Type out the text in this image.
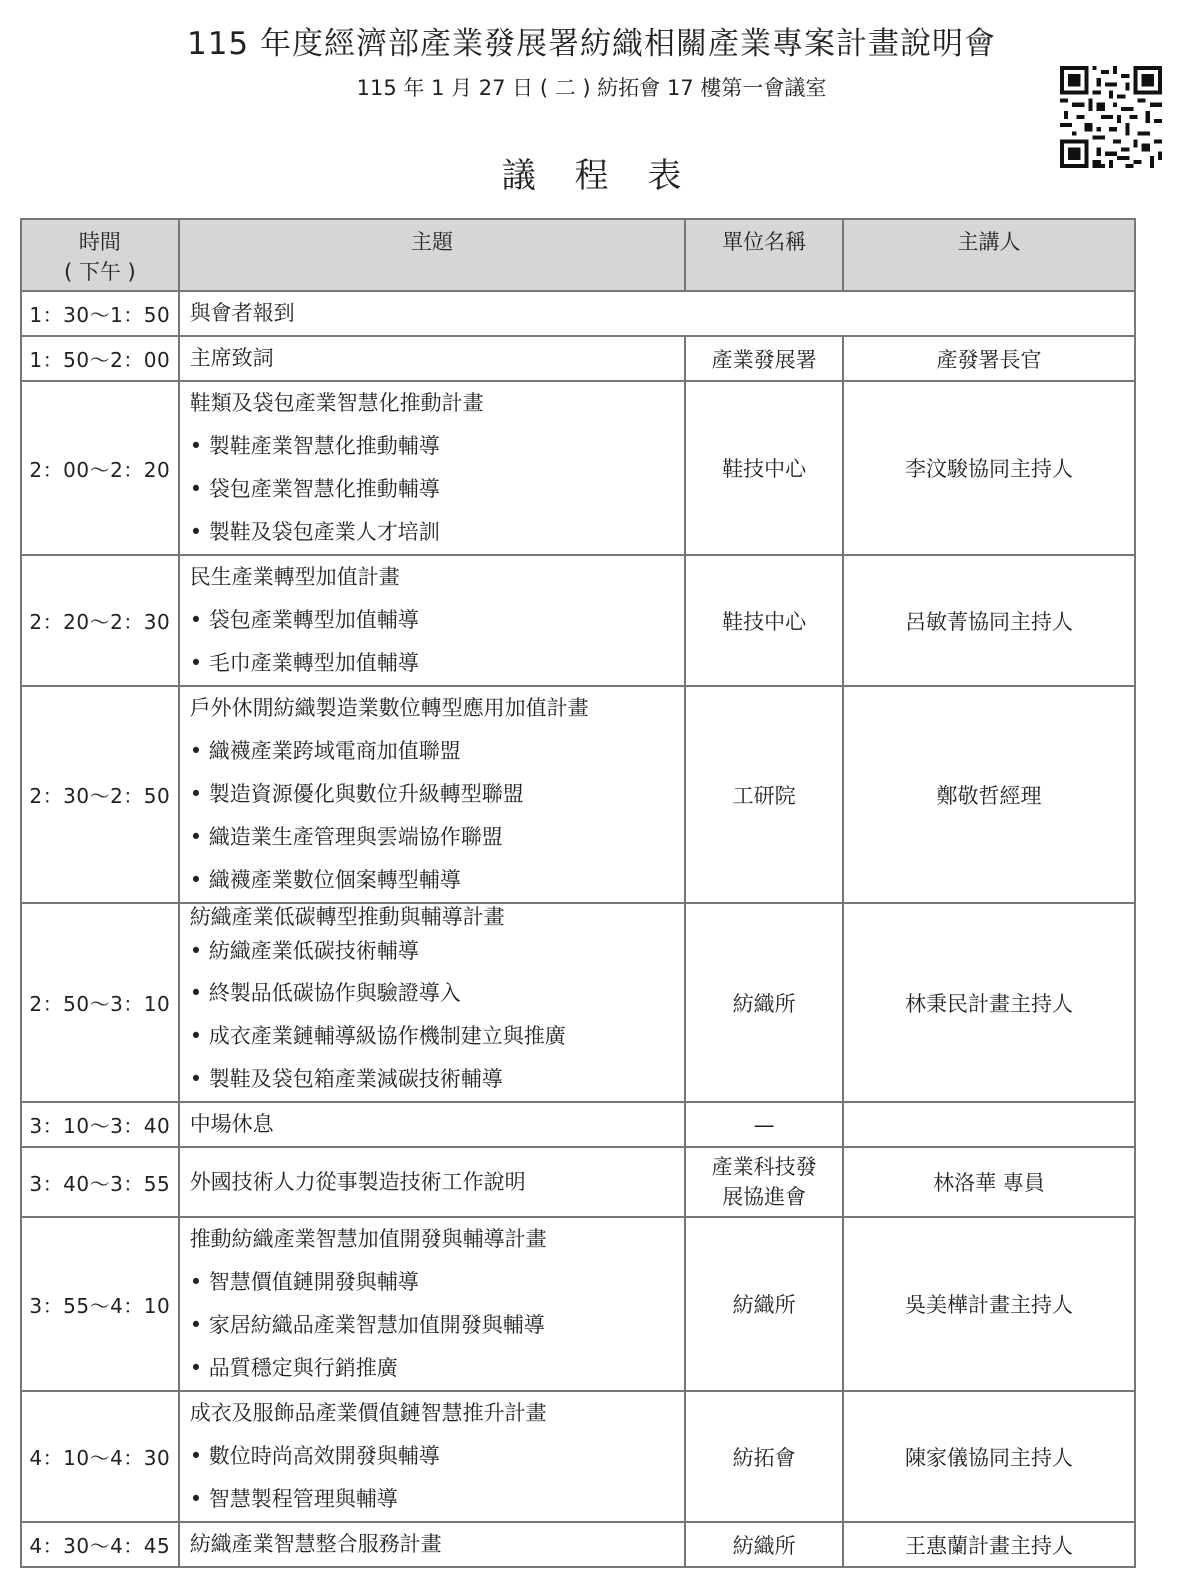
115 年度經濟部產業發展署紡織相關產業專案計畫說明會
115 年 1 月 27 日 ( 二 ) 紡拓會 17 樓第一會議室
議 程 表
時間
( 下午 )	主題	單位名稱	主講人
1：30～1：50	與會者報到		

1：50～2：00	主席致詞	產業發展署	產發署長官
2：00～2：20	鞋類及袋包產業智慧化推動計畫
• 製鞋產業智慧化推動輔導
• 袋包產業智慧化推動輔導
• 製鞋及袋包產業人才培訓	鞋技中心	李汶駿協同主持人
2：20～2：30	民生產業轉型加值計畫
• 袋包產業轉型加值輔導
• 毛巾產業轉型加值輔導	鞋技中心	呂敏菁協同主持人
2：30～2：50	戶外休閒紡織製造業數位轉型應用加值計畫
• 織襪產業跨域電商加值聯盟
• 製造資源優化與數位升級轉型聯盟
• 織造業生產管理與雲端協作聯盟
• 織襪產業數位個案轉型輔導	工研院	鄭敬哲經理
2：50～3：10	紡織產業低碳轉型推動與輔導計畫
• 紡織產業低碳技術輔導
• 終製品低碳協作與驗證導入
• 成衣產業鏈輔導級協作機制建立與推廣
• 製鞋及袋包箱產業減碳技術輔導	紡織所	林秉民計畫主持人
3：10～3：40	中場休息	—	
3：40～3：55	外國技術人力從事製造技術工作說明	產業科技發
展協進會	林洛華 專員
3：55～4：10	推動紡織產業智慧加值開發與輔導計畫
• 智慧價值鏈開發與輔導
• 家居紡織品產業智慧加值開發與輔導
• 品質穩定與行銷推廣	紡織所	吳美樺計畫主持人
4：10～4：30	成衣及服飾品產業價值鏈智慧推升計畫
• 數位時尚高效開發與輔導
• 智慧製程管理與輔導	紡拓會	陳家儀協同主持人
4：30～4：45	紡織產業智慧整合服務計畫	紡織所	王惠蘭計畫主持人
